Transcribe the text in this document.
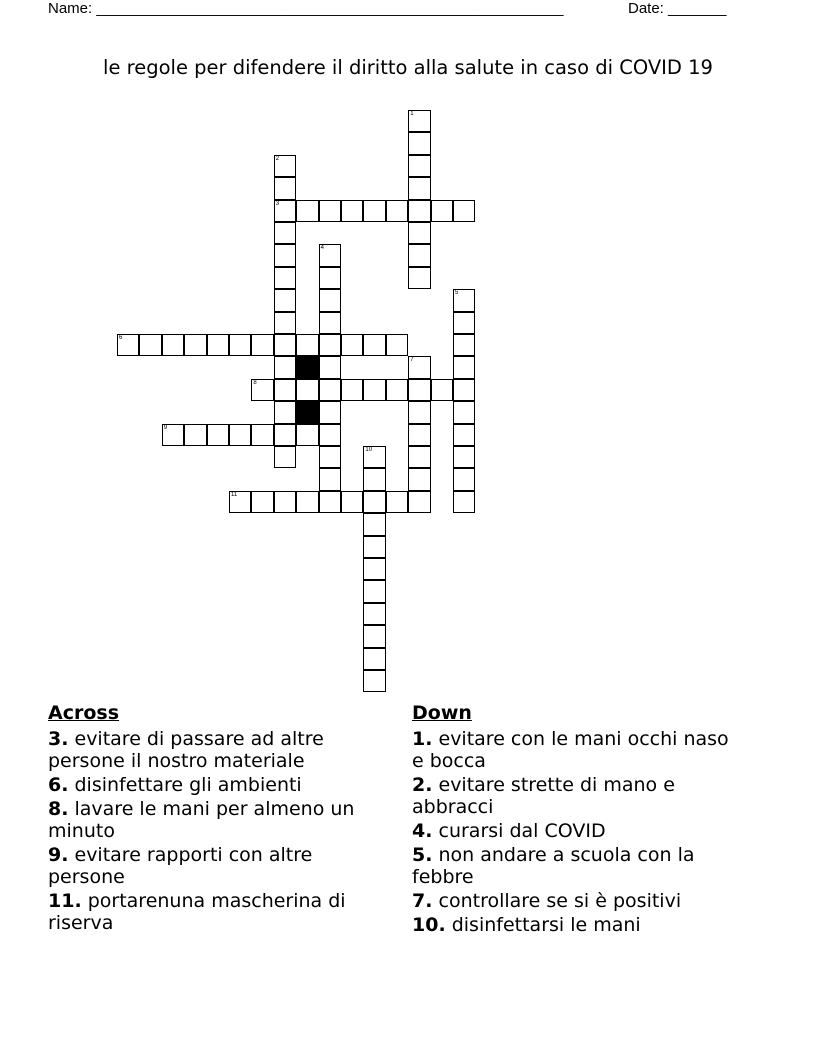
Name: ________________________________________________________	Date: _______
le regole per difendere il diritto alla salute in caso di COVID 19
1
2
3
4
5
6
7
8
9
10
11
Across
3. evitare di passare ad altre persone il nostro materiale
6. disinfettare gli ambienti
8. lavare le mani per almeno un minuto
9. evitare rapporti con altre persone
11. portarenuna mascherina di riserva
Down
1. evitare con le mani occhi naso e bocca
2. evitare strette di mano e abbracci
4. curarsi dal COVID
5. non andare a scuola con la febbre
7. controllare se si è positivi
10. disinfettarsi le mani
